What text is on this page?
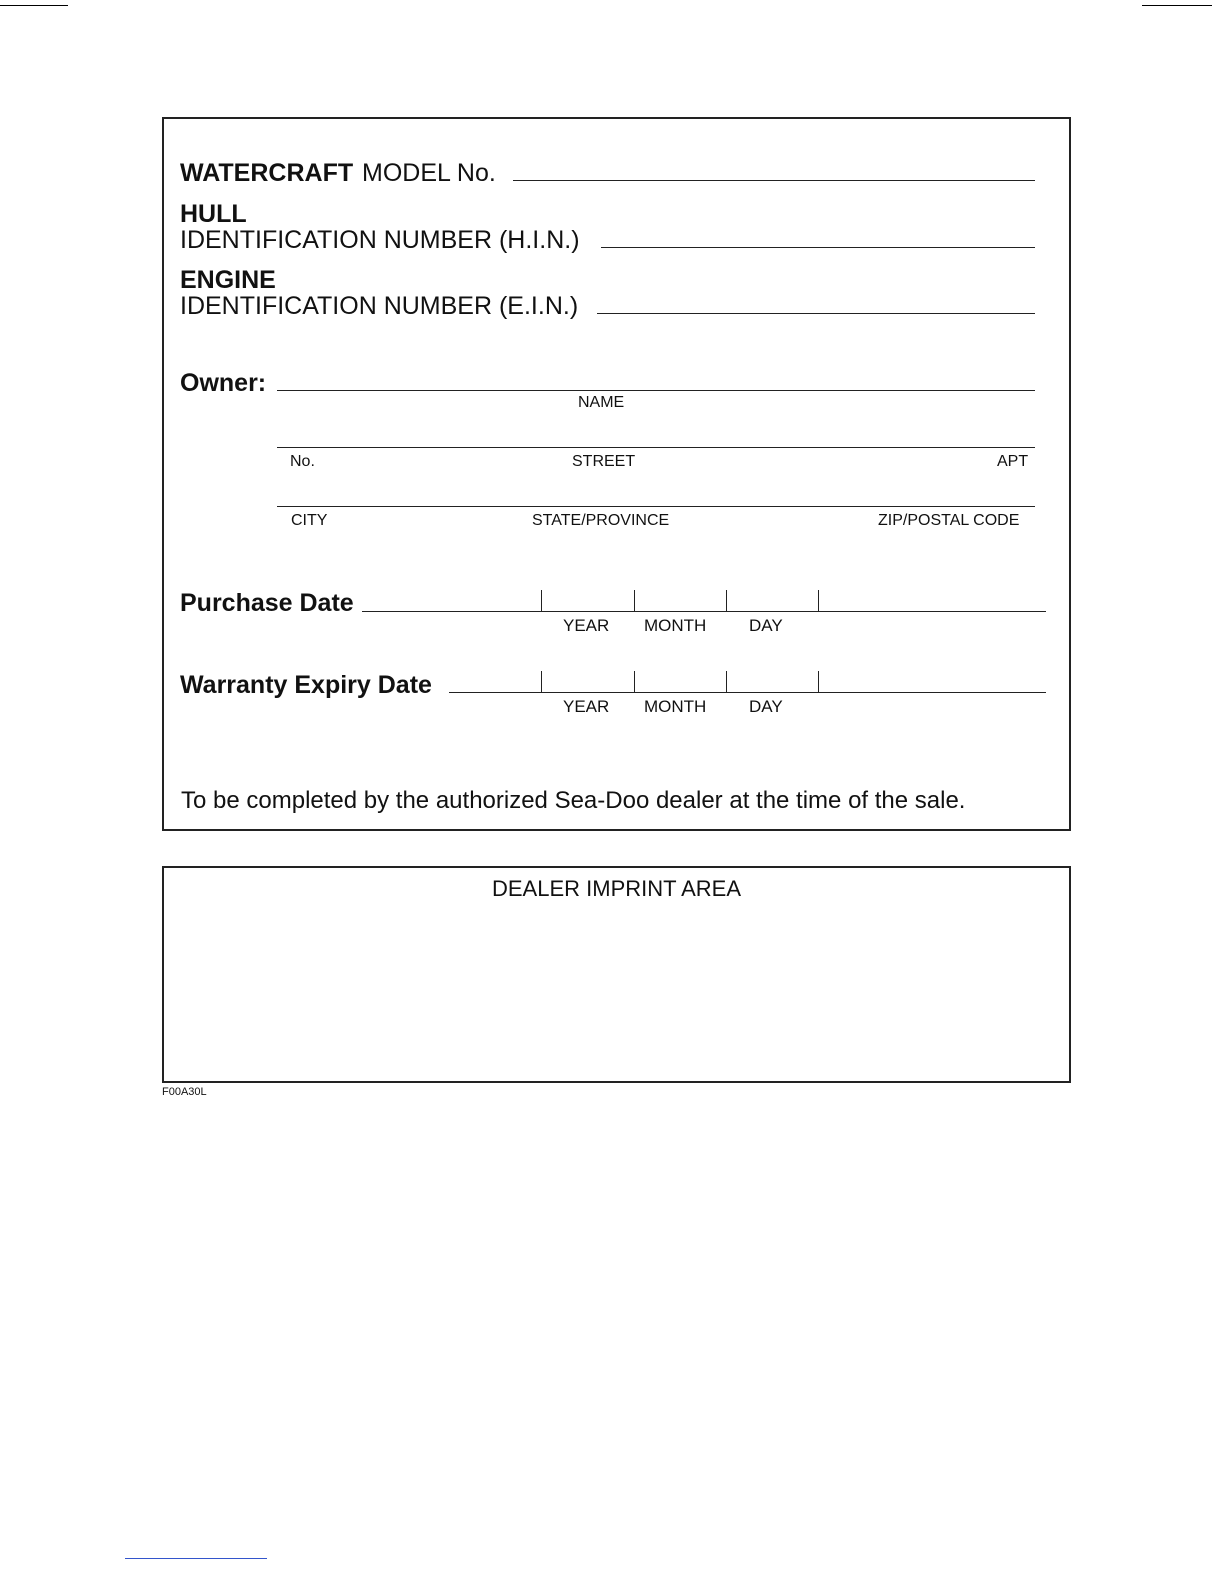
WATERCRAFT MODEL No.
HULL
IDENTIFICATION NUMBER (H.I.N.)
ENGINE
IDENTIFICATION NUMBER (E.I.N.)
Owner:
NAME
No.	STREET	APT
CITY	STATE/PROVINCE	ZIP/POSTAL CODE
Purchase Date
YEAR MONTH	DAY
Warranty Expiry Date
YEAR MONTH	DAY
To be completed by the authorized Sea-Doo dealer at the time of the sale.
DEALER IMPRINT AREA
F00A30L
